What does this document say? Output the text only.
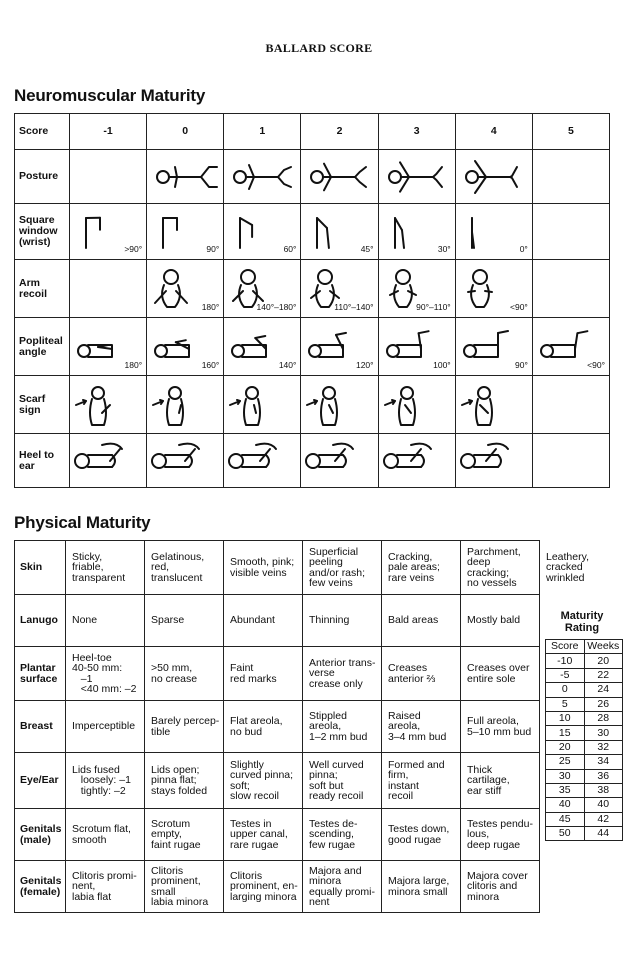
BALLARD SCORE
Neuromuscular Maturity
Score	-1	0	1	2	3	4	5
Posture		

Square window (wrist)	>90°	90°	60°	45°	30°	0°	

Arm recoil		180°	140°–180°	110°–140°	90°–110°	<90°	

Popliteal angle	180°	160°	140°	120°	100°	90°	<90°

Scarf sign	

Heel to ear	

Physical Maturity
Skin	Sticky,
friable,
transparent	Gelatinous,
red,
translucent	Smooth, pink;
visible veins	Superficial
peeling
and/or rash;
few veins	Cracking,
pale areas;
rare veins	Parchment,
deep
cracking;
no vessels	Leathery,
cracked
wrinkled
Lanugo	None	Sparse	Abundant	Thinning	Bald areas	Mostly bald	
Plantar
surface	Heel-toe
40-50 mm:
–1
<40 mm: –2	>50 mm,
no crease	Faint
red marks	Anterior trans-
verse
crease only	Creases
anterior ⅔	Creases over
entire sole	
Breast	Imperceptible	Barely percep-
tible	Flat areola,
no bud	Stippled
areola,
1–2 mm bud	Raised
areola,
3–4 mm bud	Full areola,
5–10 mm bud	
Eye/Ear	Lids fused
loosely: –1
tightly: –2	Lids open;
pinna flat;
stays folded	Slightly
curved pinna;
soft;
slow recoil	Well curved
pinna;
soft but
ready recoil	Formed and
firm,
instant
recoil	Thick
cartilage,
ear stiff	
Genitals
(male)	Scrotum flat,
smooth	Scrotum
empty,
faint rugae	Testes in
upper canal,
rare rugae	Testes de-
scending,
few rugae	Testes down,
good rugae	Testes pendu-
lous,
deep rugae	
Genitals
(female)	Clitoris promi-
nent,
labia flat	Clitoris
prominent,
small
labia minora	Clitoris
prominent, en-
larging minora	Majora and
minora
equally promi-
nent	Majora large,
minora small	Majora cover
clitoris and
minora	
Maturity
Rating
Score	Weeks
-10	20
-5	22
0	24
5	26
10	28
15	30
20	32
25	34
30	36
35	38
40	40
45	42
50	44
